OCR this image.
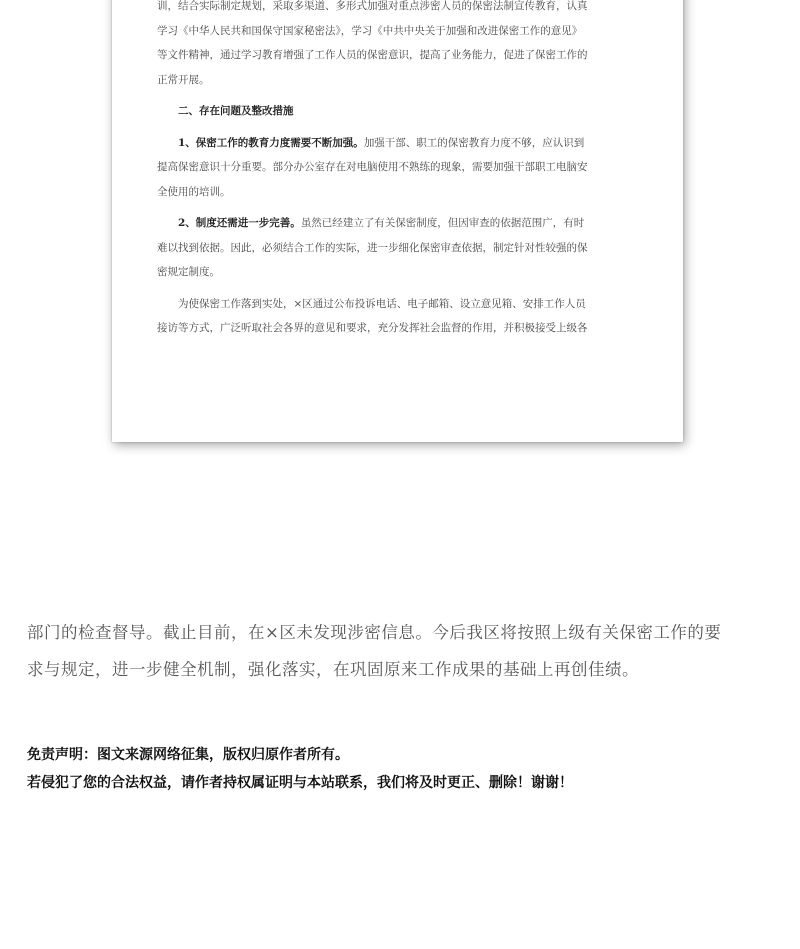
训，结合实际制定规划，采取多渠道、多形式加强对重点涉密人员的保密法制宣传教育，认真

学习《中华人民共和国保守国家秘密法》，学习《中共中央关于加强和改进保密工作的意见》

等文件精神，通过学习教育增强了工作人员的保密意识，提高了业务能力，促进了保密工作的

正常开展。

二、存在问题及整改措施

1、保密工作的教育力度需要不断加强。加强干部、职工的保密教育力度不够，应认识到

提高保密意识十分重要。部分办公室存在对电脑使用不熟练的现象，需要加强干部职工电脑安

全使用的培训。

2、制度还需进一步完善。虽然已经建立了有关保密制度，但因审查的依据范围广，有时

难以找到依据。因此，必须结合工作的实际，进一步细化保密审查依据，制定针对性较强的保

密规定制度。

为使保密工作落到实处，×区通过公布投诉电话、电子邮箱、设立意见箱、安排工作人员

接访等方式，广泛听取社会各界的意见和要求，充分发挥社会监督的作用，并积极接受上级各

部门的检查督导。截止目前，在×区未发现涉密信息。今后我区将按照上级有关保密工作的要

求与规定，进一步健全机制，强化落实，在巩固原来工作成果的基础上再创佳绩。

免责声明：图文来源网络征集，版权归原作者所有。

若侵犯了您的合法权益，请作者持权属证明与本站联系，我们将及时更正、删除！谢谢！
